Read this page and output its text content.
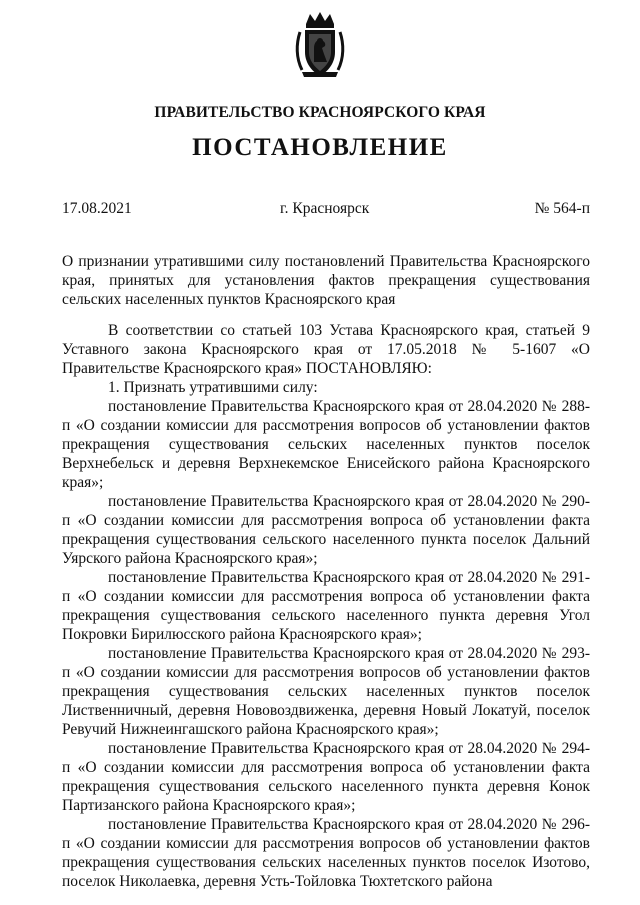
ПРАВИТЕЛЬСТВО КРАСНОЯРСКОГО КРАЯ
ПОСТАНОВЛЕНИЕ
17.08.2021	г. Красноярск	№ 564-п
О признании утратившими силу постановлений Правительства Красноярского края, принятых для установления фактов прекращения существования сельских населенных пунктов Красноярского края

В соответствии со статьей 103 Устава Красноярского края, статьей 9 Уставного закона Красноярского края от 17.05.2018 № 5-1607 «О Правительстве Красноярского края» ПОСТАНОВЛЯЮ:

1. Признать утратившими силу:

постановление Правительства Красноярского края от 28.04.2020 № 288-п «О создании комиссии для рассмотрения вопросов об установлении фактов прекращения существования сельских населенных пунктов поселок Верхнебельск и деревня Верхнекемское Енисейского района Красноярского края»;

постановление Правительства Красноярского края от 28.04.2020 № 290-п «О создании комиссии для рассмотрения вопроса об установлении факта прекращения существования сельского населенного пункта поселок Дальний Уярского района Красноярского края»;

постановление Правительства Красноярского края от 28.04.2020 № 291-п «О создании комиссии для рассмотрения вопроса об установлении факта прекращения существования сельского населенного пункта деревня Угол Покровки Бирилюсского района Красноярского края»;

постановление Правительства Красноярского края от 28.04.2020 № 293-п «О создании комиссии для рассмотрения вопросов об установлении фактов прекращения существования сельских населенных пунктов поселок Лиственничный, деревня Нововоздвиженка, деревня Новый Локатуй, поселок Ревучий Нижнеингашского района Красноярского края»;

постановление Правительства Красноярского края от 28.04.2020 № 294-п «О создании комиссии для рассмотрения вопроса об установлении факта прекращения существования сельского населенного пункта деревня Конок Партизанского района Красноярского края»;

постановление Правительства Красноярского края от 28.04.2020 № 296-п «О создании комиссии для рассмотрения вопросов об установлении фактов прекращения существования сельских населенных пунктов поселок Изотово, поселок Николаевка, деревня Усть-Тойловка Тюхтетского района
